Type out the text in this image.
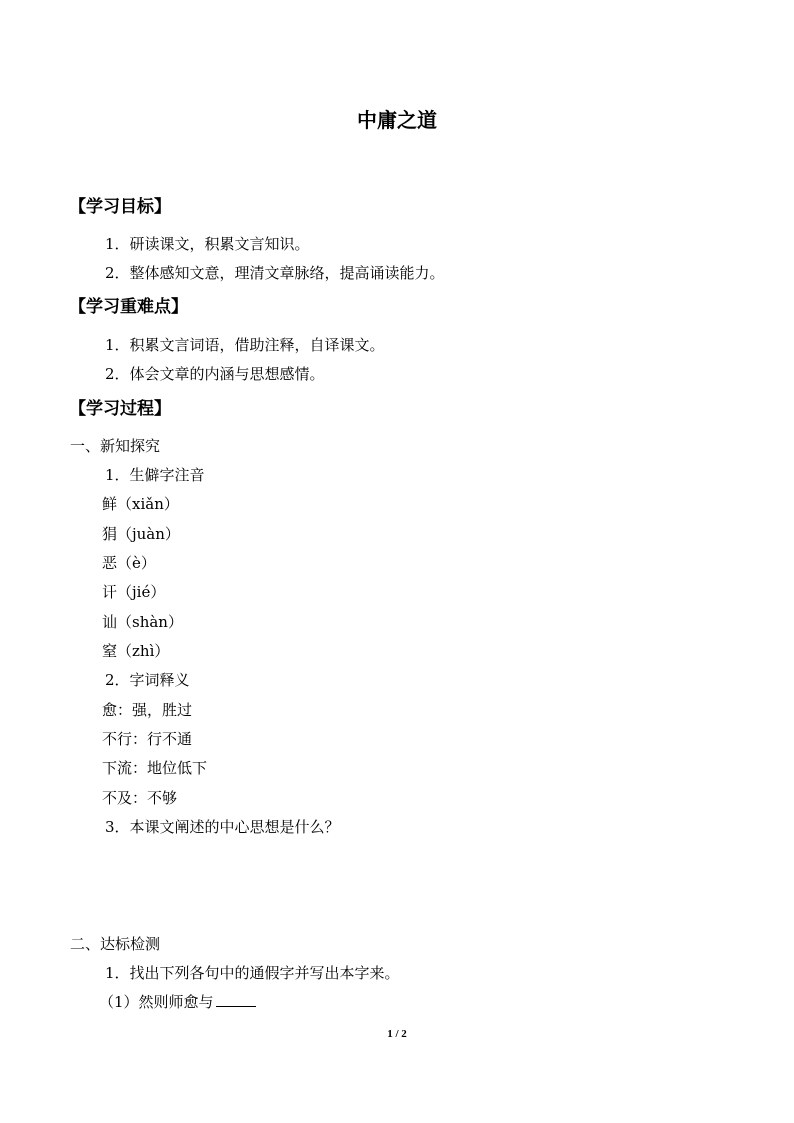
中庸之道
【学习目标】
1．研读课文，积累文言知识。
2．整体感知文意，理清文章脉络，提高诵读能力。
【学习重难点】
1．积累文言词语，借助注释，自译课文。
2．体会文章的内涵与思想感情。
【学习过程】
一、新知探究
1．生僻字注音
鲜（xiǎn）
狷（juàn）
恶（è）
讦（jié）
讪（shàn）
窒（zhì）
2．字词释义
愈：强，胜过
不行：行不通
下流：地位低下
不及：不够
3．本课文阐述的中心思想是什么？
二、达标检测
1．找出下列各句中的通假字并写出本字来。
（1）然则师愈与
1 / 2
